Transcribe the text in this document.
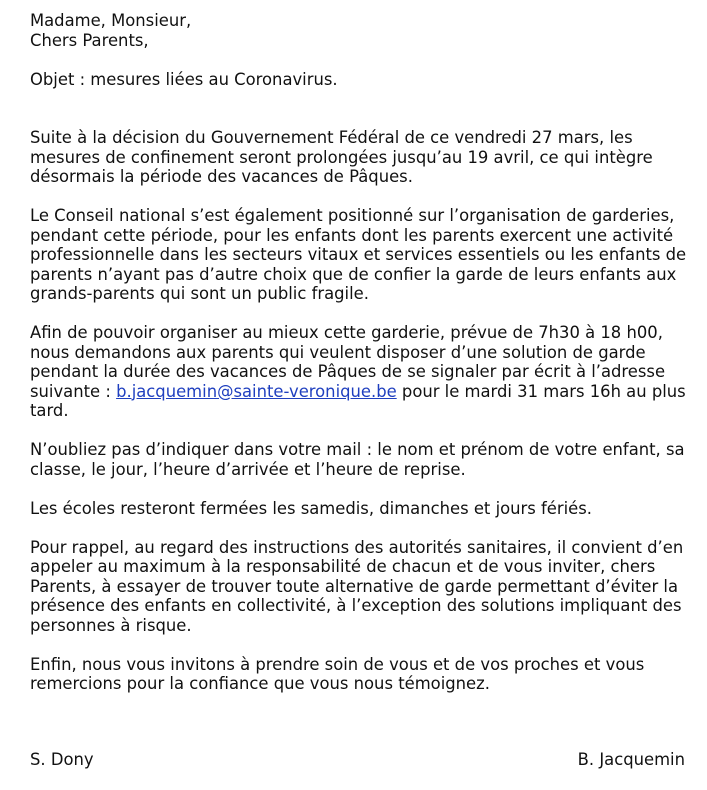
Madame, Monsieur,
Chers Parents,
Objet : mesures liées au Coronavirus.
Suite à la décision du Gouvernement Fédéral de ce vendredi 27 mars, les
mesures de confinement seront prolongées jusqu’au 19 avril, ce qui intègre
désormais la période des vacances de Pâques.
Le Conseil national s’est également positionné sur l’organisation de garderies,
pendant cette période, pour les enfants dont les parents exercent une activité
professionnelle dans les secteurs vitaux et services essentiels ou les enfants de
parents n’ayant pas d’autre choix que de confier la garde de leurs enfants aux
grands-parents qui sont un public fragile.
Afin de pouvoir organiser au mieux cette garderie, prévue de 7h30 à 18 h00,
nous demandons aux parents qui veulent disposer d’une solution de garde
pendant la durée des vacances de Pâques de se signaler par écrit à l’adresse
suivante : b.jacquemin@sainte-veronique.be pour le mardi 31 mars 16h au plus
tard.
N’oubliez pas d’indiquer dans votre mail : le nom et prénom de votre enfant, sa
classe, le jour, l’heure d’arrivée et l’heure de reprise.
Les écoles resteront fermées les samedis, dimanches et jours fériés.
Pour rappel, au regard des instructions des autorités sanitaires, il convient d’en
appeler au maximum à la responsabilité de chacun et de vous inviter, chers
Parents, à essayer de trouver toute alternative de garde permettant d’éviter la
présence des enfants en collectivité, à l’exception des solutions impliquant des
personnes à risque.
Enfin, nous vous invitons à prendre soin de vous et de vos proches et vous
remercions pour la confiance que vous nous témoignez.
S. Dony	B. Jacquemin
